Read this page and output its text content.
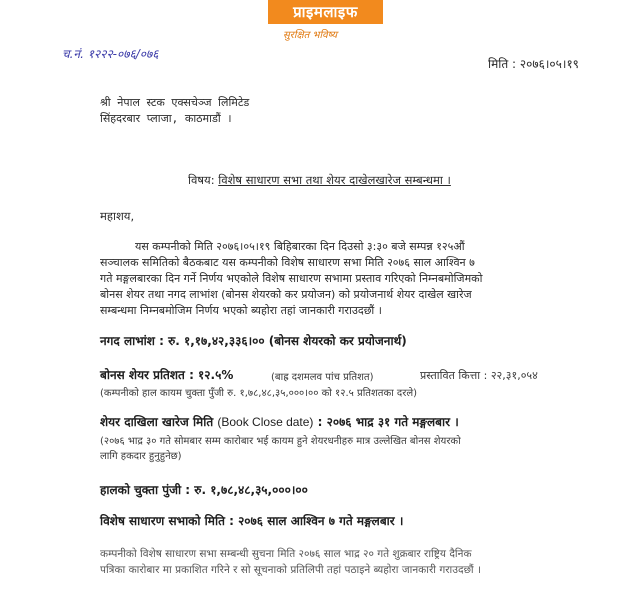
प्राइमलाइफ
सुरक्षित भविष्य
च.नं. १२२२-०७६/०७६
मिति : २०७६।०५।१९
श्री नेपाल स्टक एक्सचेञ्ज लिमिटेड
सिंहदरबार प्लाजा, काठमाडौं ।
विषय: विशेष साधारण सभा तथा शेयर दाखेलखारेज सम्बन्धमा ।
महाशय,
यस कम्पनीको मिति २०७६।०५।१९ बिहिबारका दिन दिउसो ३:३० बजे सम्पन्न १२५औं
सञ्चालक समितिको बैठकबाट यस कम्पनीको विशेष साधारण सभा मिति २०७६ साल आश्विन ७
गते मङ्गलबारका दिन गर्ने निर्णय भएकोले विशेष साधारण सभामा प्रस्ताव गरिएको निम्नबमोजिमको
बोनस शेयर तथा नगद लाभांश (बोनस शेयरको कर प्रयोजन) को प्रयोजनार्थ शेयर दाखेल खारेज
सम्बन्धमा निम्नबमोजिम निर्णय भएको ब्यहोरा तहां जानकारी गराउदछौं ।
नगद लाभांश : रु. १,१७,४२,३३६।०० (बोनस शेयरको कर प्रयोजनार्थ)
बोनस शेयर प्रतिशत : १२.५%	(बाह्र दशमलव पांच प्रतिशत)	प्रस्तावित कित्ता : २२,३१,०५४
(कम्पनीको हाल कायम चुक्ता पुँजी रु. १,७८,४८,३५,०००।०० को १२.५ प्रतिशतका दरले)
शेयर दाखिला खारेज मिति (Book Close date) : २०७६ भाद्र ३१ गते मङ्गलबार ।
(२०७६ भाद्र ३० गते सोमबार सम्म कारोबार भई कायम हुने शेयरधनीहरु मात्र उल्लेखित बोनस शेयरको
लागि हकदार हुनुहुनेछ)
हालको चुक्ता पुंजी : रु. १,७८,४८,३५,०००।००
विशेष साधारण सभाको मिति : २०७६ साल आश्विन ७ गते मङ्गलबार ।
कम्पनीको विशेष साधारण सभा सम्बन्धी सुचना मिति २०७६ साल भाद्र २० गते शुक्रबार राष्ट्रिय दैनिक
पत्रिका कारोबार मा प्रकाशित गरिने र सो सूचनाको प्रतिलिपी तहां पठाइने ब्यहोरा जानकारी गराउदछौं ।
